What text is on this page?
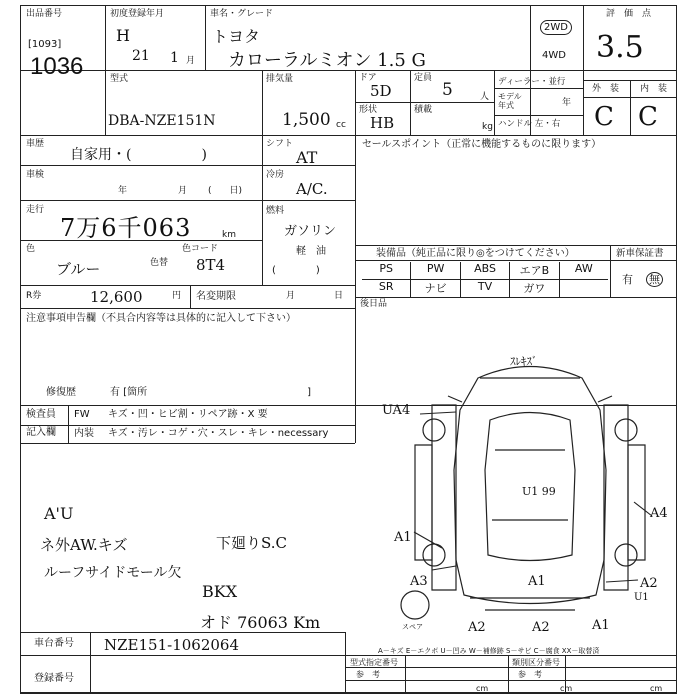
出品番号
[1093]
1036
初度登録年月
H
21 1 月
車名・グレード
トヨタ
カローラルミオン 1.5 G
2WD
4WD
評　価　点
3.5
外　装 内　装
C C
型式
DBA-NZE151N
排気量
1,500 cc
ドア
5D
定員
5	人
形状
HB
積載
kg
ディーラー・並行
モデル
年式	年
ハンドル 左・右
車歴
自家用・(　　　　　)
シフト
AT
車検
年	月 (　　日)
冷房
A/C.
走行
7万6千063	km
燃料
ガソリン
軽　油
(　　　　)
色
ブルー	色替
色コード
8T4
R券	12,600	円 名変期限	月	日
注意事項申告欄（不具合内容等は具体的に記入して下さい）
修復歴	有 [箇所　　　　　　　　　　　　　　　　]
セールスポイント（正常に機能するものに限ります）
装備品（純正品に限り◎をつけてください）	新車保証書
PS	PW	ABS	エアB	AW
SR	ナビ	TV	ガワ
有 無
後日品
検査員
記入欄
FW キズ・凹・ヒビ割・リペア跡・X 要
内装 キズ・汚レ・コゲ・穴・スレ・キレ・necessary
A'U
ネ外AW.キズ
ルーフサイドモール欠
下廻りS.C
BKX
オド 76063 Km
ｽﾚｷｽﾞ
UA4
U1 99
A4
A1
A3	A1	A2
U1
A2	A2	A1
スペア
A－キズ E－エクボ U－凹み W－補修跡 S－サビ C－腐食 XX－取替済
車台番号 NZE151-1062064
登録番号
型式指定番号
参　考
類別区分番号
参　考
cm	cm	cm
